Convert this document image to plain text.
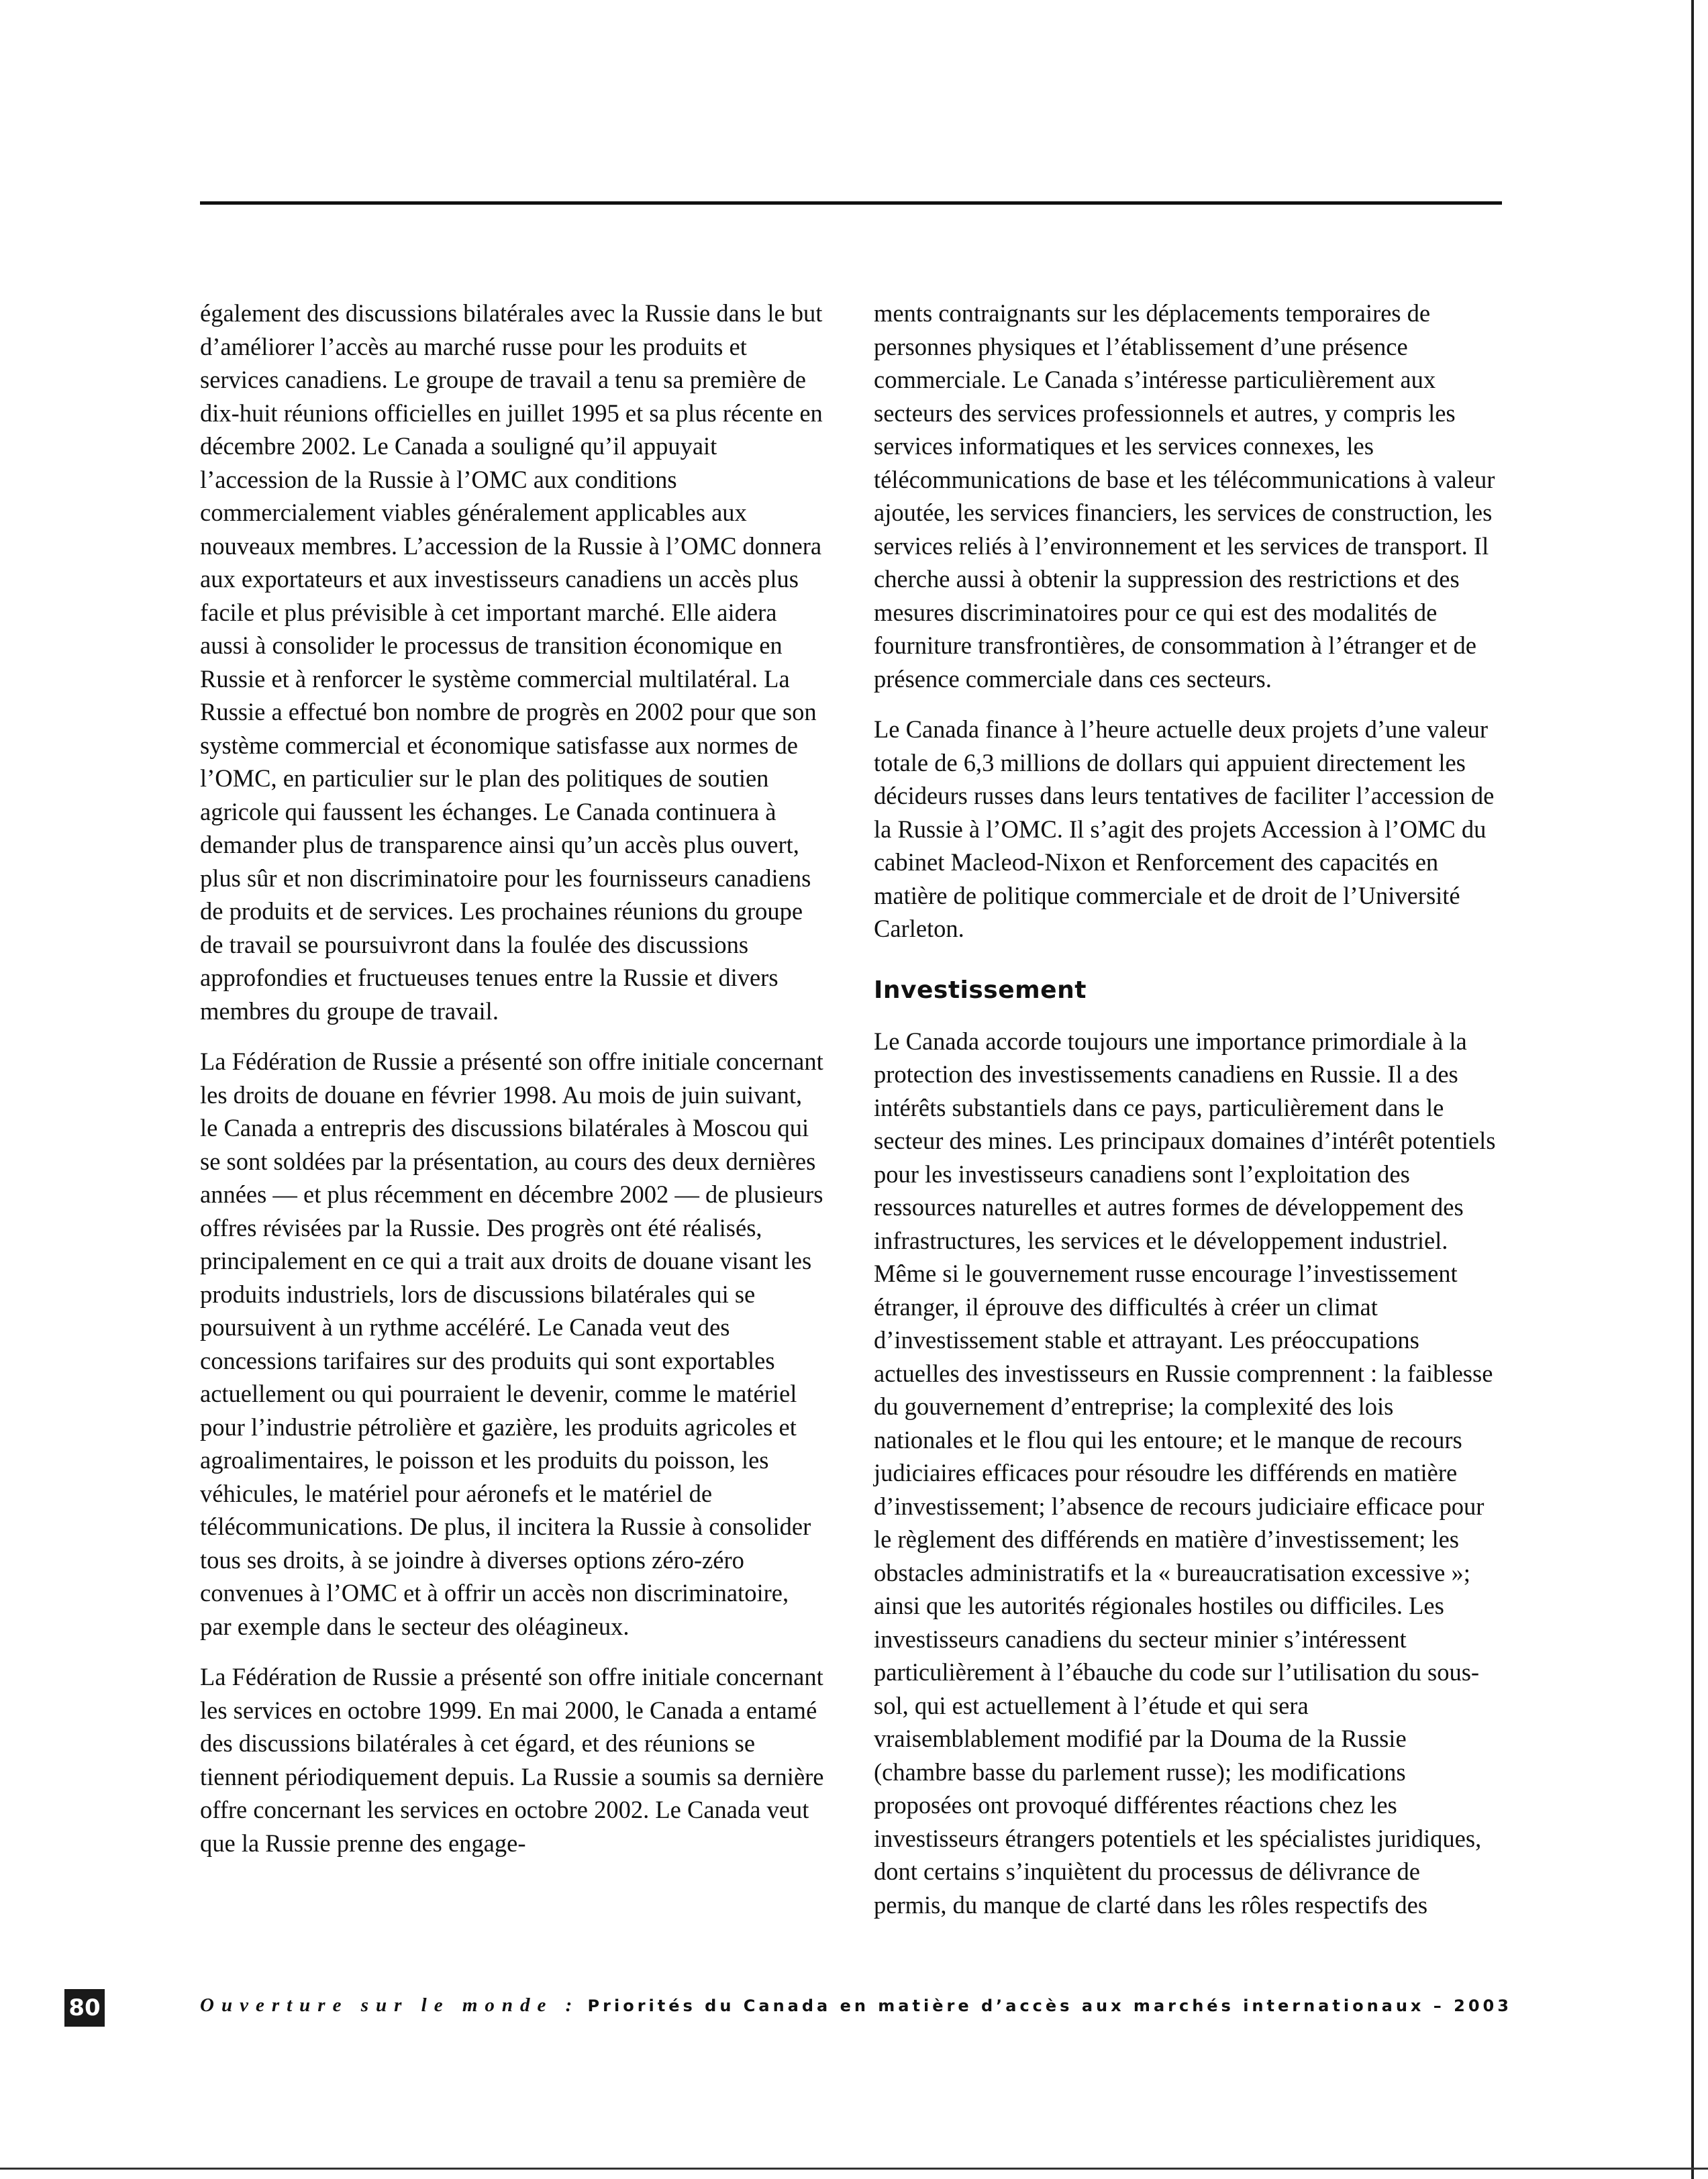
également des discussions bilatérales avec la Russie dans le but d’améliorer l’accès au marché russe pour les produits et services canadiens. Le groupe de travail a tenu sa première de dix-huit réunions officielles en juillet 1995 et sa plus récente en décembre 2002. Le Canada a souligné qu’il appuyait l’accession de la Russie à l’OMC aux conditions commercialement viables généralement applicables aux nouveaux membres. L’accession de la Russie à l’OMC donnera aux exportateurs et aux investisseurs canadiens un accès plus facile et plus prévisible à cet important marché. Elle aidera aussi à consolider le processus de transition économique en Russie et à renforcer le système commercial multilatéral. La Russie a effectué bon nombre de progrès en 2002 pour que son système commercial et économique satisfasse aux normes de l’OMC, en particulier sur le plan des politiques de soutien agricole qui faussent les échanges. Le Canada continuera à demander plus de transparence ainsi qu’un accès plus ouvert, plus sûr et non discriminatoire pour les fournisseurs canadiens de produits et de services. Les prochaines réunions du groupe de travail se poursuivront dans la foulée des discussions approfondies et fructueuses tenues entre la Russie et divers membres du groupe de travail.

La Fédération de Russie a présenté son offre initiale concernant les droits de douane en février 1998. Au mois de juin suivant, le Canada a entrepris des discussions bilatérales à Moscou qui se sont soldées par la présentation, au cours des deux dernières années — et plus récemment en décembre 2002 — de plusieurs offres révisées par la Russie. Des progrès ont été réalisés, principalement en ce qui a trait aux droits de douane visant les produits industriels, lors de discussions bilatérales qui se poursuivent à un rythme accéléré. Le Canada veut des concessions tarifaires sur des produits qui sont exportables actuellement ou qui pourraient le devenir, comme le matériel pour l’industrie pétrolière et gazière, les produits agricoles et agroalimentaires, le poisson et les produits du poisson, les véhicules, le matériel pour aéronefs et le matériel de télécommunications. De plus, il incitera la Russie à consolider tous ses droits, à se joindre à diverses options zéro-zéro convenues à l’OMC et à offrir un accès non discriminatoire, par exemple dans le secteur des oléagineux.

La Fédération de Russie a présenté son offre initiale concernant les services en octobre 1999. En mai 2000, le Canada a entamé des discussions bilatérales à cet égard, et des réunions se tiennent périodiquement depuis. La Russie a soumis sa dernière offre concernant les services en octobre 2002. Le Canada veut que la Russie prenne des engage-

ments contraignants sur les déplacements temporaires de personnes physiques et l’établissement d’une présence commerciale. Le Canada s’intéresse particulièrement aux secteurs des services professionnels et autres, y compris les services informatiques et les services connexes, les télécommunications de base et les télécommunications à valeur ajoutée, les services financiers, les services de construction, les services reliés à l’environnement et les services de transport. Il cherche aussi à obtenir la suppression des restrictions et des mesures discriminatoires pour ce qui est des modalités de fourniture transfrontières, de consommation à l’étranger et de présence commerciale dans ces secteurs.

Le Canada finance à l’heure actuelle deux projets d’une valeur totale de 6,3 millions de dollars qui appuient directement les décideurs russes dans leurs tentatives de faciliter l’accession de la Russie à l’OMC. Il s’agit des projets Accession à l’OMC du cabinet Macleod-Nixon et Renforcement des capacités en matière de politique commerciale et de droit de l’Université Carleton.

Investissement

Le Canada accorde toujours une importance primordiale à la protection des investissements canadiens en Russie. Il a des intérêts substantiels dans ce pays, particulièrement dans le secteur des mines. Les principaux domaines d’intérêt potentiels pour les investisseurs canadiens sont l’exploitation des ressources naturelles et autres formes de développement des infrastructures, les services et le développement industriel. Même si le gouvernement russe encourage l’investissement étranger, il éprouve des difficultés à créer un climat d’investissement stable et attrayant. Les préoccupations actuelles des investisseurs en Russie comprennent : la faiblesse du gouvernement d’entreprise; la complexité des lois nationales et le flou qui les entoure; et le manque de recours judiciaires efficaces pour résoudre les différends en matière d’investissement; l’absence de recours judiciaire efficace pour le règlement des différends en matière d’investissement; les obstacles administratifs et la « bureaucratisation excessive »; ainsi que les autorités régionales hostiles ou difficiles. Les investisseurs canadiens du secteur minier s’intéressent particulièrement à l’ébauche du code sur l’utilisation du sous-sol, qui est actuellement à l’étude et qui sera vraisemblablement modifié par la Douma de la Russie (chambre basse du parlement russe); les modifications proposées ont provoqué différentes réactions chez les investisseurs étrangers potentiels et les spécialistes juridiques, dont certains s’inquiètent du processus de délivrance de permis, du manque de clarté dans les rôles respectifs des

80	Ouverture sur le monde : Priorités du Canada en matière d’accès aux marchés internationaux – 2003
